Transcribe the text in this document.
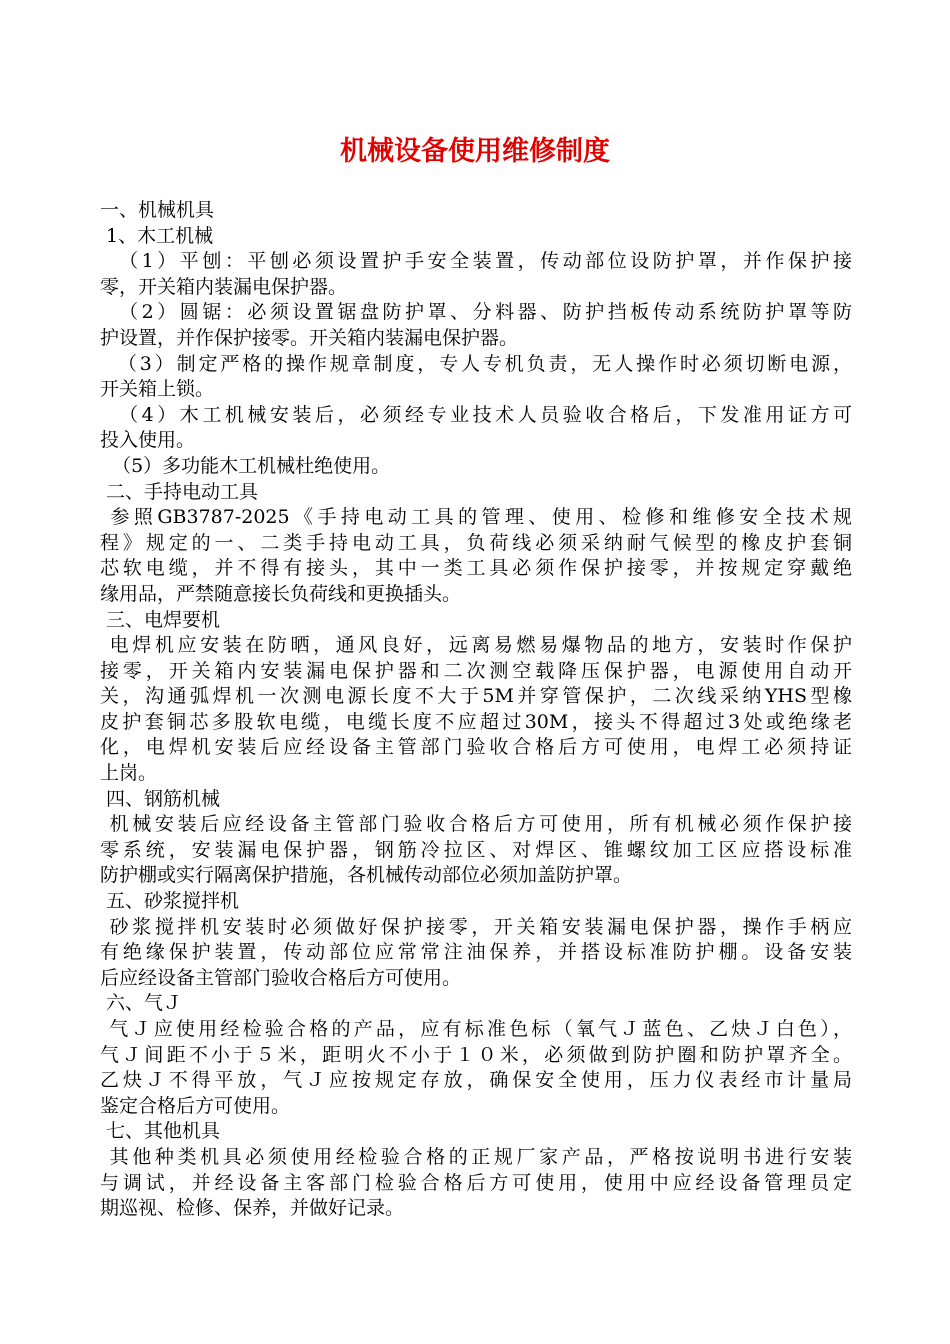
机械设备使用维修制度
一、机械机具
1、木工机械
（1）平刨：平刨必须设置护手安全装置，传动部位设防护罩，并作保护接
零，开关箱内装漏电保护器。
（2）圆锯：必须设置锯盘防护罩、分料器、防护挡板传动系统防护罩等防
护设置，并作保护接零。开关箱内装漏电保护器。
（3）制定严格的操作规章制度，专人专机负责，无人操作时必须切断电源，
开关箱上锁。
（4）木工机械安装后，必须经专业技术人员验收合格后，下发准用证方可
投入使用。
（5）多功能木工机械杜绝使用。
二、手持电动工具
参照GB3787-2025《手持电动工具的管理、使用、检修和维修安全技术规
程》规定的一、二类手持电动工具，负荷线必须采纳耐气候型的橡皮护套铜
芯软电缆，并不得有接头，其中一类工具必须作保护接零，并按规定穿戴绝
缘用品，严禁随意接长负荷线和更换插头。
三、电焊要机
电焊机应安装在防晒，通风良好，远离易燃易爆物品的地方，安装时作保护
接零，开关箱内安装漏电保护器和二次测空载降压保护器，电源使用自动开
关，沟通弧焊机一次测电源长度不大于5M并穿管保护，二次线采纳YHS型橡
皮护套铜芯多股软电缆，电缆长度不应超过30M，接头不得超过3处或绝缘老
化，电焊机安装后应经设备主管部门验收合格后方可使用，电焊工必须持证
上岗。
四、钢筋机械
机械安装后应经设备主管部门验收合格后方可使用，所有机械必须作保护接
零系统，安装漏电保护器，钢筋冷拉区、对焊区、锥螺纹加工区应搭设标准
防护棚或实行隔离保护措施，各机械传动部位必须加盖防护罩。
五、砂浆搅拌机
砂浆搅拌机安装时必须做好保护接零，开关箱安装漏电保护器，操作手柄应
有绝缘保护装置，传动部位应常常注油保养，并搭设标准防护棚。设备安装
后应经设备主管部门验收合格后方可使用。
六、气Ｊ
气Ｊ应使用经检验合格的产品，应有标准色标（氧气Ｊ蓝色、乙炔Ｊ白色），
气Ｊ间距不小于５米，距明火不小于１０米，必须做到防护圈和防护罩齐全。
乙炔Ｊ不得平放，气Ｊ应按规定存放，确保安全使用，压力仪表经市计量局
鉴定合格后方可使用。
七、其他机具
其他种类机具必须使用经检验合格的正规厂家产品，严格按说明书进行安装
与调试，并经设备主客部门检验合格后方可使用，使用中应经设备管理员定
期巡视、检修、保养，并做好记录。
